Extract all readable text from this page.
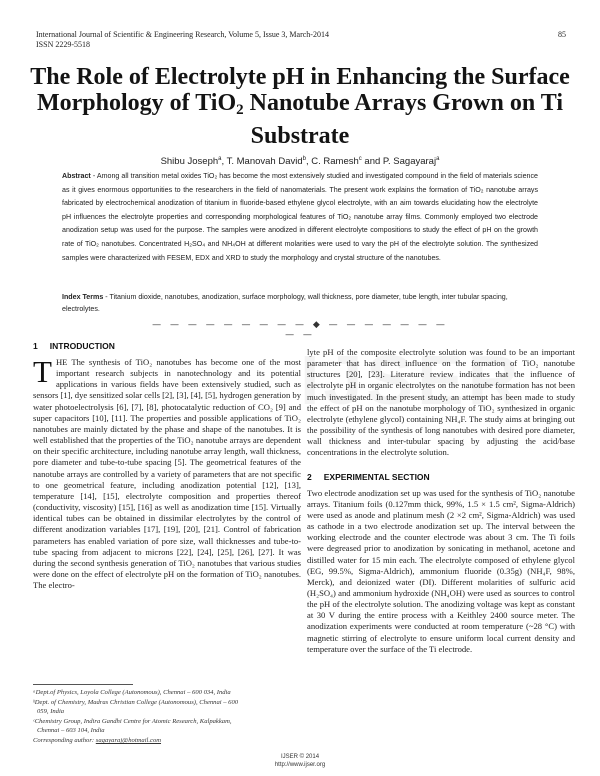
International Journal of Scientific & Engineering Research, Volume 5, Issue 3, March-2014	85
ISSN 2229-5518
The Role of Electrolyte pH in Enhancing the Surface
Morphology of TiO$_2$ Nanotube Arrays Grown on Ti
Substrate
Shibu Joseph$^a$, T. Manovah David$^b$, C. Ramesh$^c$ and P. Sagayaraj$^a$
Abstract - Among all transition metal oxides TiO₂ has become the most extensively studied and investigated compound in the field of materials science as it gives enormous opportunities to the researchers in the field of nanomaterials. The present work explains the formation of TiO₂ nanotube arrays fabricated by electrochemical anodization of titanium in fluoride-based ethylene glycol electrolyte, with an aim towards elucidating how the electrolyte pH influences the electrolyte properties and corresponding morphological features of TiO₂ nanotube array films. Commonly employed two electrode anodization setup was used for the purpose. The samples were anodized in different electrolyte compositions to study the effect of pH on the growth rate of TiO₂ nanotubes. Concentrated H₂SO₄ and NH₄OH at different molarities were used to vary the pH of the electrolyte solution. The synthesized samples were characterized with FESEM, EDX and XRD to study the morphology and crystal structure of the nanotubes.
Index Terms - Titanium dioxide, nanotubes, anodization, surface morphology, wall thickness, pore diameter, tube length, inter tubular spacing, electrolytes.
— — — — — — — — — ◆ — — — — — — — — —
1 INTRODUCTION

THE The synthesis of TiO₂ nanotubes has become one of the most important research subjects in nanotechnology and its potential applications in various fields have been extensively studied, such as sensors [1], dye sensitized solar cells [2], [3], [4], [5], hydrogen generation by water photoelectrolysis [6], [7], [8], photocatalytic reduction of CO₂ [9] and super capacitors [10], [11]. The properties and possible applications of TiO₂ nanotubes are mainly dictated by the phase and shape of the nanotubes. It is well established that the properties of the TiO₂ nanotube arrays are dependent on their specific architecture, including nanotube array length, wall thickness, pore diameter and tube-to-tube spacing [5]. The geometrical features of the nanotube arrays are controlled by a variety of parameters that are not specific to one geometrical feature, including anodization potential [12], [13], temperature [14], [15], electrolyte composition and properties thereof (conductivity, viscosity) [15], [16] as well as anodization time [15]. Virtually identical tubes can be obtained in dissimilar electrolytes by the control of different anodization variables [17], [19], [20], [21]. Control of fabrication parameters has enabled variation of pore size, wall thicknesses and tube-to-tube spacing from adjacent to microns [22], [24], [25], [26], [27]. It was during the second synthesis generation of TiO₂ nanotubes that various studies were done on the effect of electrolyte pH on the formation of TiO₂ nanotubes. The electro-

lyte pH of the composite electrolyte solution was found to be an important parameter that has direct influence on the formation of TiO₂ nanotube structures [20], [23]. Literature review indicates that the influence of electrolyte pH in organic electrolytes on the nanotube formation has not been much investigated. In the present study, an attempt has been made to study the effect of pH on the nanotube morphology of TiO₂ synthesized in organic electrolyte (ethylene glycol) containing NH₄F. The study aims at bringing out the possibility of the synthesis of long nanotubes with desired pore diameter, wall thickness and inter-tubular spacing by adjusting the acid/base concentrations in the electrolyte solution.

2 EXPERIMENTAL SECTION

Two electrode anodization set up was used for the synthesis of TiO₂ nanotube arrays. Titanium foils (0.127mm thick, 99%, 1.5 × 1.5 cm², Sigma-Aldrich) were used as anode and platinum mesh (2 ×2 cm², Sigma-Aldrich) was used as cathode in a two electrode anodization set up. The interval between the working electrode and the counter electrode was about 3 cm. The Ti foils were degreased prior to anodization by sonicating in methanol, acetone and distilled water for 15 min each. The electrolyte composed of ethylene glycol (EG, 99.5%, Sigma-Aldrich), ammonium fluoride (0.35g) (NH₄F, 98%, Merck), and deionized water (DI). Different molarities of sulfuric acid (H₂SO₄) and ammonium hydroxide (NH₄OH) were used as sources to control the pH of the electrolyte solution. The anodizing voltage was kept as constant at 30 V during the entire process with a Keithley 2400 source meter. The anodization experiments were conducted at room temperature (~28 °C) with magnetic stirring of electrolyte to ensure uniform local current density and temperature over the surface of the Ti electrode.

ᵃDept.of Physics, Loyola College (Autonomous), Chennai – 600 034, India
ᵇDept. of Chemistry, Madras Christian College (Autonomous), Chennai – 600
059, India
ᶜChemistry Group, Indira Gandhi Centre for Atomic Research, Kalpakkam,
Chennai – 603 104, India
Corresponding author: sagayaraj@hotmail.com
IJSER © 2014
http://www.ijser.org
